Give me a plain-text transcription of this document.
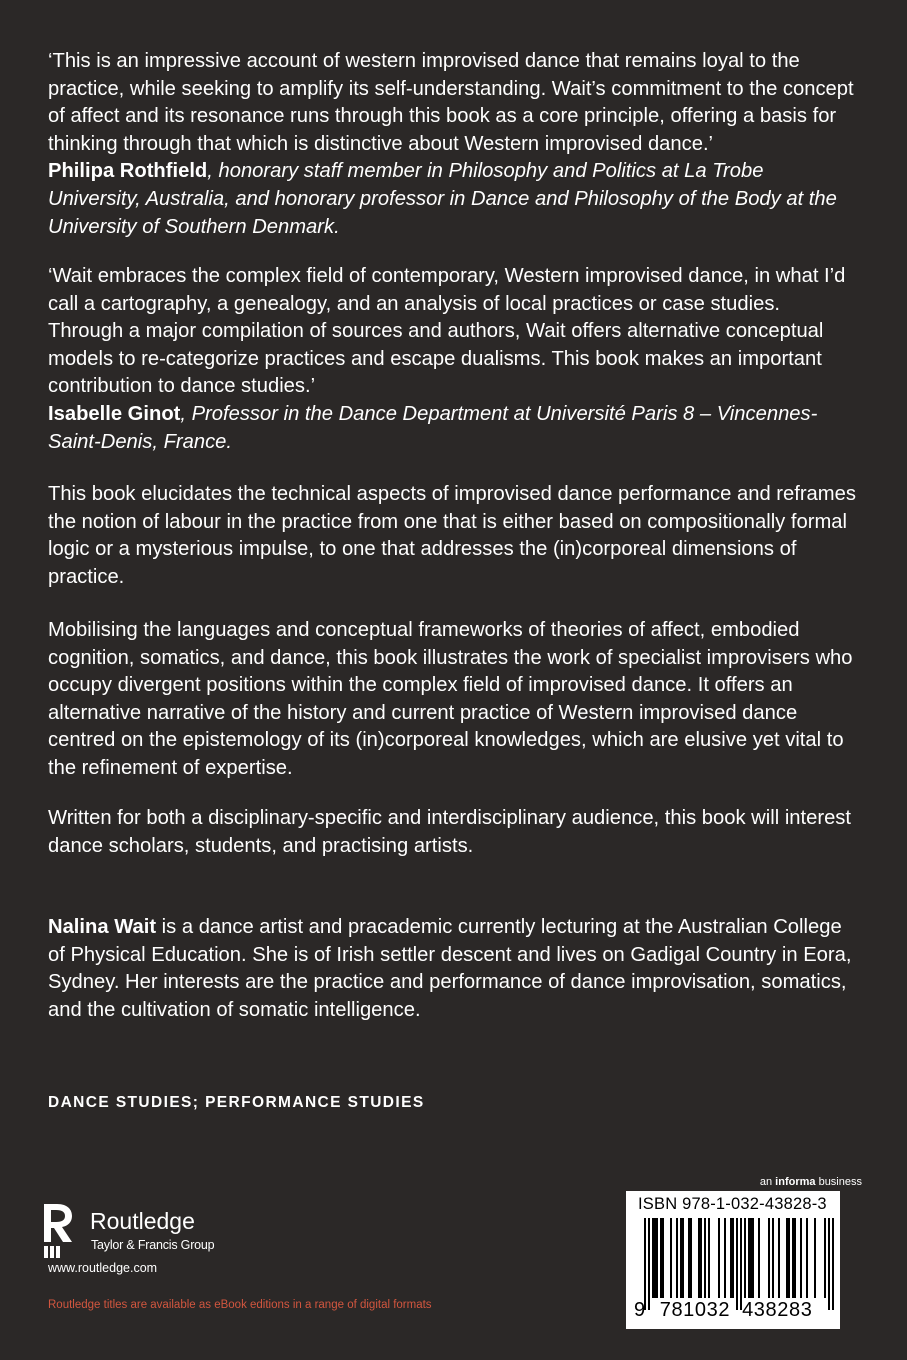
‘This is an impressive account of western improvised dance that remains loyal to the practice, while seeking to amplify its self-understanding. Wait’s commitment to the concept of affect and its resonance runs through this book as a core principle, offering a basis for thinking through that which is distinctive about Western improvised dance.’

Philipa Rothfield, honorary staff member in Philosophy and Politics at La Trobe University, Australia, and honorary professor in Dance and Philosophy of the Body at the University of Southern Denmark.

‘Wait embraces the complex field of contemporary, Western improvised dance, in what I’d call a cartography, a genealogy, and an analysis of local practices or case studies. Through a major compilation of sources and authors, Wait offers alternative conceptual models to re-categorize practices and escape dualisms. This book makes an important contribution to dance studies.’

Isabelle Ginot, Professor in the Dance Department at Université Paris 8 – Vincennes-Saint-Denis, France.

This book elucidates the technical aspects of improvised dance performance and reframes the notion of labour in the practice from one that is either based on compositionally formal logic or a mysterious impulse, to one that addresses the (in)corporeal dimensions of practice.

Mobilising the languages and conceptual frameworks of theories of affect, embodied cognition, somatics, and dance, this book illustrates the work of specialist improvisers who occupy divergent positions within the complex field of improvised dance. It offers an alternative narrative of the history and current practice of Western improvised dance centred on the epistemology of its (in)corporeal knowledges, which are elusive yet vital to the refinement of expertise.

Written for both a disciplinary-specific and interdisciplinary audience, this book will interest dance scholars, students, and practising artists.

Nalina Wait is a dance artist and pracademic currently lecturing at the Australian College of Physical Education. She is of Irish settler descent and lives on Gadigal Country in Eora, Sydney. Her interests are the practice and performance of dance improvisation, somatics, and the cultivation of somatic intelligence.

DANCE STUDIES; PERFORMANCE STUDIES
Routledge
Taylor & Francis Group
www.routledge.com
Routledge titles are available as eBook editions in a range of digital formats
an informa business
ISBN 978-1-032-43828-3
9 781032 438283
